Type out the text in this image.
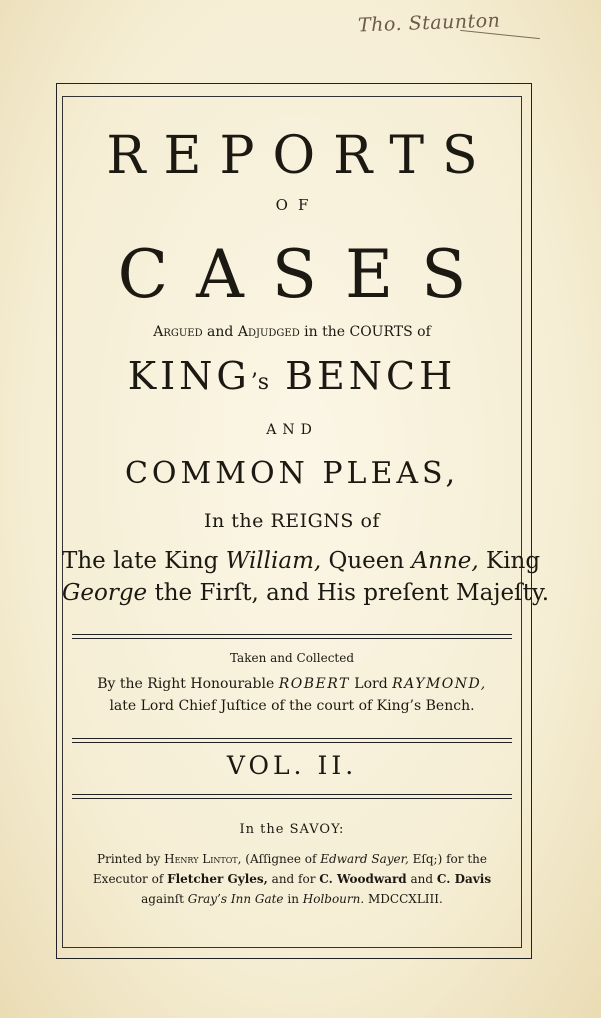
Tho. Staunton
REPORTS
OF
CASES
Argued and Adjudged in the COURTS of
KING’s BENCH
AND
COMMON PLEAS,
In the REIGNS of
The late King William, Queen Anne, King
George the Firſt, and His preſent Majeſty.
Taken and Collected
By the Right Honourable ROBERT Lord RAYMOND,
late Lord Chief Juſtice of the court of King’s Bench.
VOL. II.
In the SAVOY:
Printed by Henry Lintot, (Aſſignee of Edward Sayer, Eſq;) for the
Executor of Fletcher Gyles, and for C. Woodward and C. Davis
againſt Gray’s Inn Gate in Holbourn. MDCCXLIII.
